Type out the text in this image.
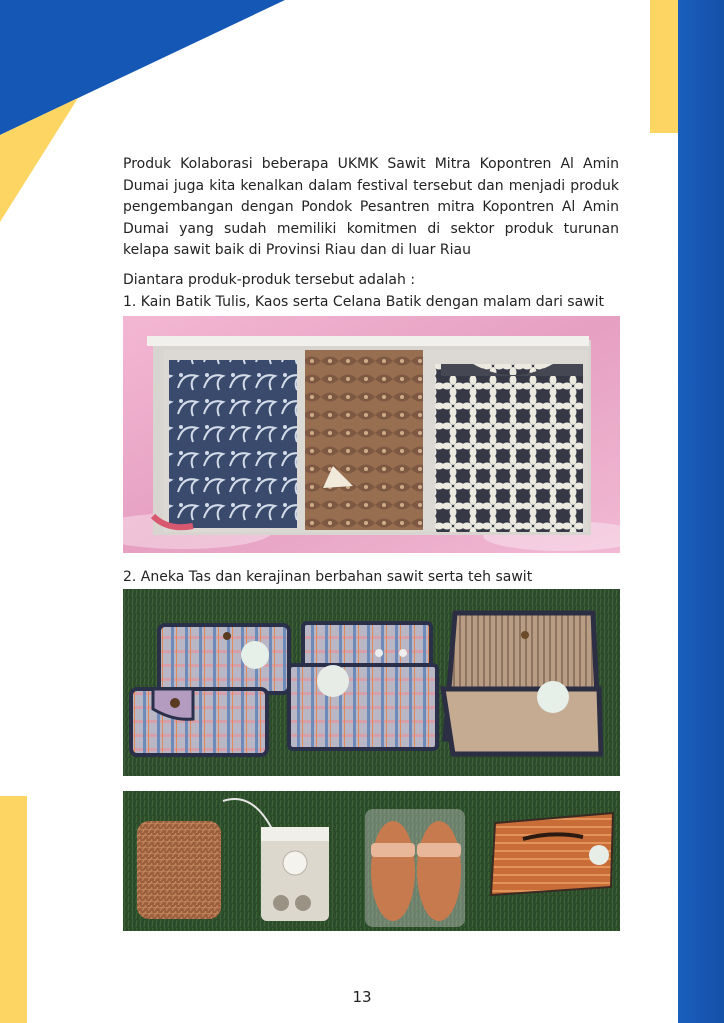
Produk Kolaborasi beberapa UKMK Sawit Mitra Kopontren Al Amin Dumai juga kita kenalkan dalam festival tersebut dan menjadi produk pengembangan dengan Pondok Pesantren mitra Kopontren Al Amin Dumai yang sudah memiliki komitmen di sektor produk turunan kelapa sawit baik di Provinsi Riau dan di luar Riau

Diantara produk-produk tersebut adalah :

1. Kain Batik Tulis, Kaos serta Celana Batik dengan malam dari sawit

2. Aneka Tas dan kerajinan berbahan sawit serta teh sawit

13
